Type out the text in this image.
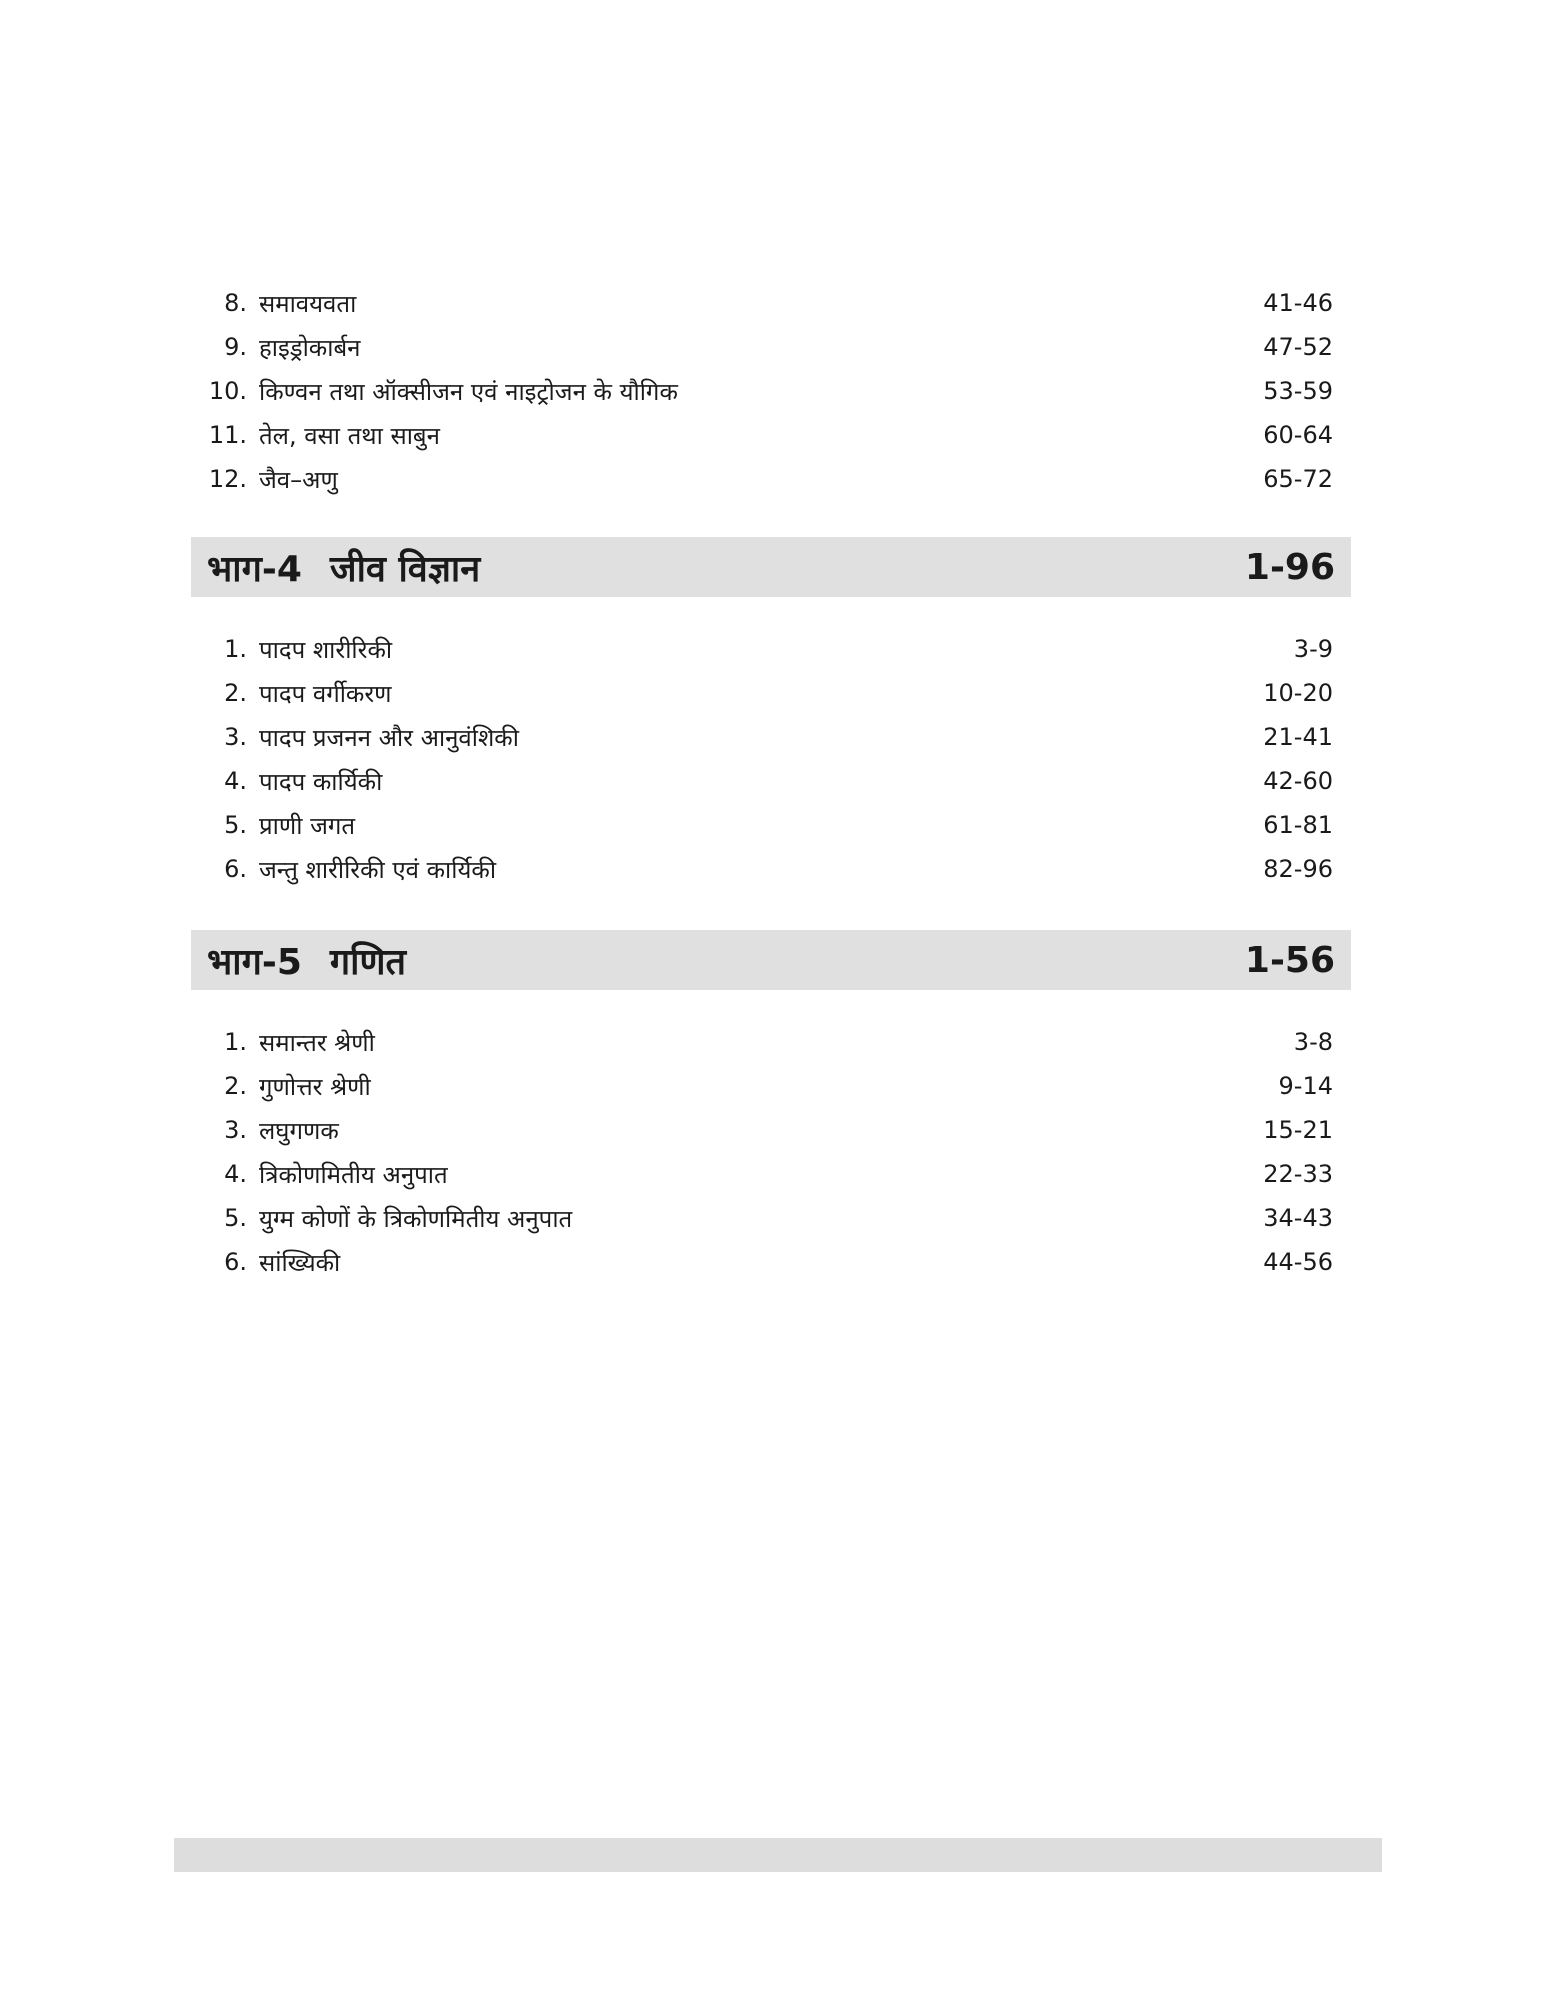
8. समावयवता	41-46
9. हाइड्रोकार्बन	47-52
10. किण्वन तथा ऑक्सीजन एवं नाइट्रोजन के यौगिक	53-59
11. तेल, वसा तथा साबुन	60-64
12. जैव–अणु	65-72
भाग-4 जीव विज्ञान	1-96
1. पादप शारीरिकी	3-9
2. पादप वर्गीकरण	10-20
3. पादप प्रजनन और आनुवंशिकी	21-41
4. पादप कार्यिकी	42-60
5. प्राणी जगत	61-81
6. जन्तु शारीरिकी एवं कार्यिकी	82-96
भाग-5 गणित	1-56
1. समान्तर श्रेणी	3-8
2. गुणोत्तर श्रेणी	9-14
3. लघुगणक	15-21
4. त्रिकोणमितीय अनुपात	22-33
5. युग्म कोणों के त्रिकोणमितीय अनुपात	34-43
6. सांख्यिकी	44-56
